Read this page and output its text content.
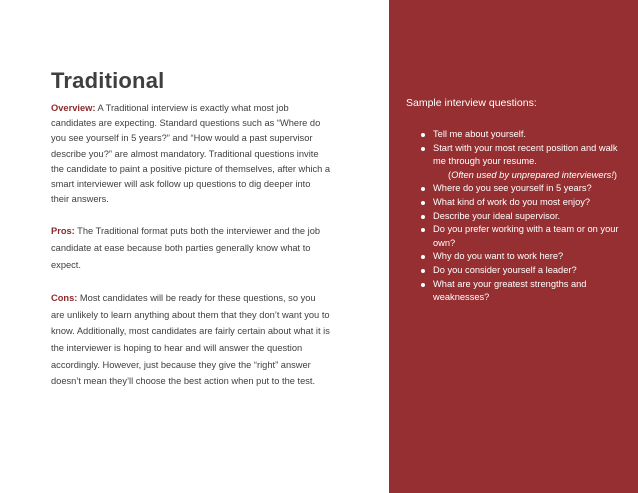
Traditional

Overview: A Traditional interview is exactly what most job candidates are expecting. Standard questions such as “Where do you see yourself in 5 years?” and “How would a past supervisor describe you?” are almost mandatory. Traditional questions invite the candidate to paint a positive picture of themselves, after which a smart interviewer will ask follow up questions to dig deeper into their answers.

Pros: The Traditional format puts both the interviewer and the job candidate at ease because both parties generally know what to expect.

Cons: Most candidates will be ready for these questions, so you are unlikely to learn anything about them that they don’t want you to know. Additionally, most candidates are fairly certain about what it is the interviewer is hoping to hear and will answer the question accordingly. However, just because they give the “right” answer doesn’t mean they’ll choose the best action when put to the test.

Sample interview questions:

Tell me about yourself.
Start with your most recent position and walk me through your resume.
(Often used by unprepared interviewers!)
Where do you see yourself in 5 years?
What kind of work do you most enjoy?
Describe your ideal supervisor.
Do you prefer working with a team or on your own?
Why do you want to work here?
Do you consider yourself a leader?
What are your greatest strengths and weaknesses?
